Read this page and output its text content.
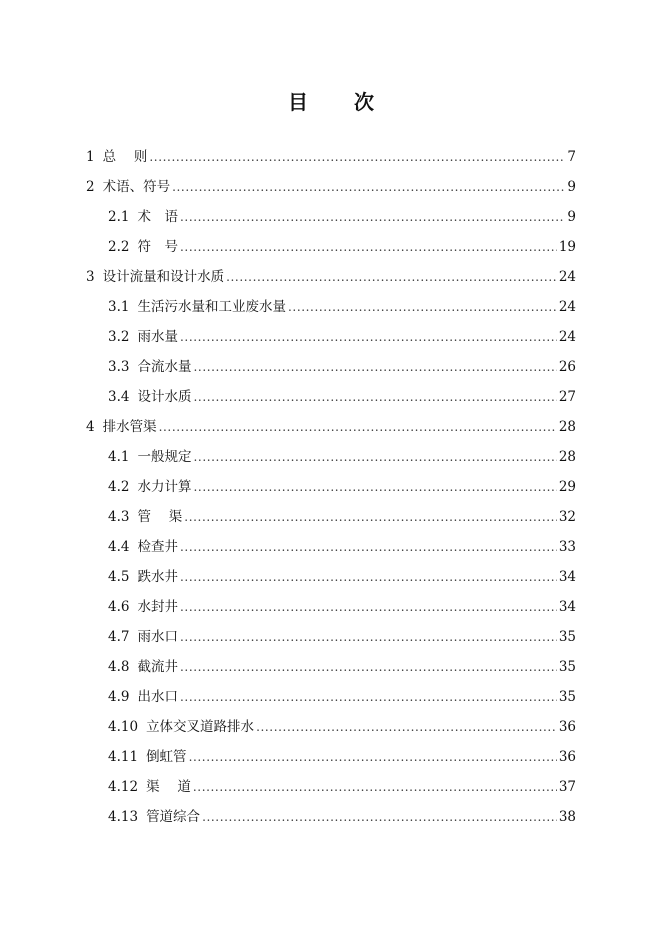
目 次
1 总　 则 .....	7
2 术语、符号 .....	9
2.1 术　语 .....	9
2.2 符　号 .....	19
3 设计流量和设计水质 .....	24
3.1 生活污水量和工业废水量 .....	24
3.2 雨水量 .....	24
3.3 合流水量 .....	26
3.4 设计水质 .....	27
4 排水管渠 .....	28
4.1 一般规定 .....	28
4.2 水力计算 .....	29
4.3 管　 渠 .....	32
4.4 检查井 .....	33
4.5 跌水井 .....	34
4.6 水封井 .....	34
4.7 雨水口 .....	35
4.8 截流井 .....	35
4.9 出水口 .....	35
4.10 立体交叉道路排水 .....	36
4.11 倒虹管 .....	36
4.12 渠　 道 .....	37
4.13 管道综合 .....	38
